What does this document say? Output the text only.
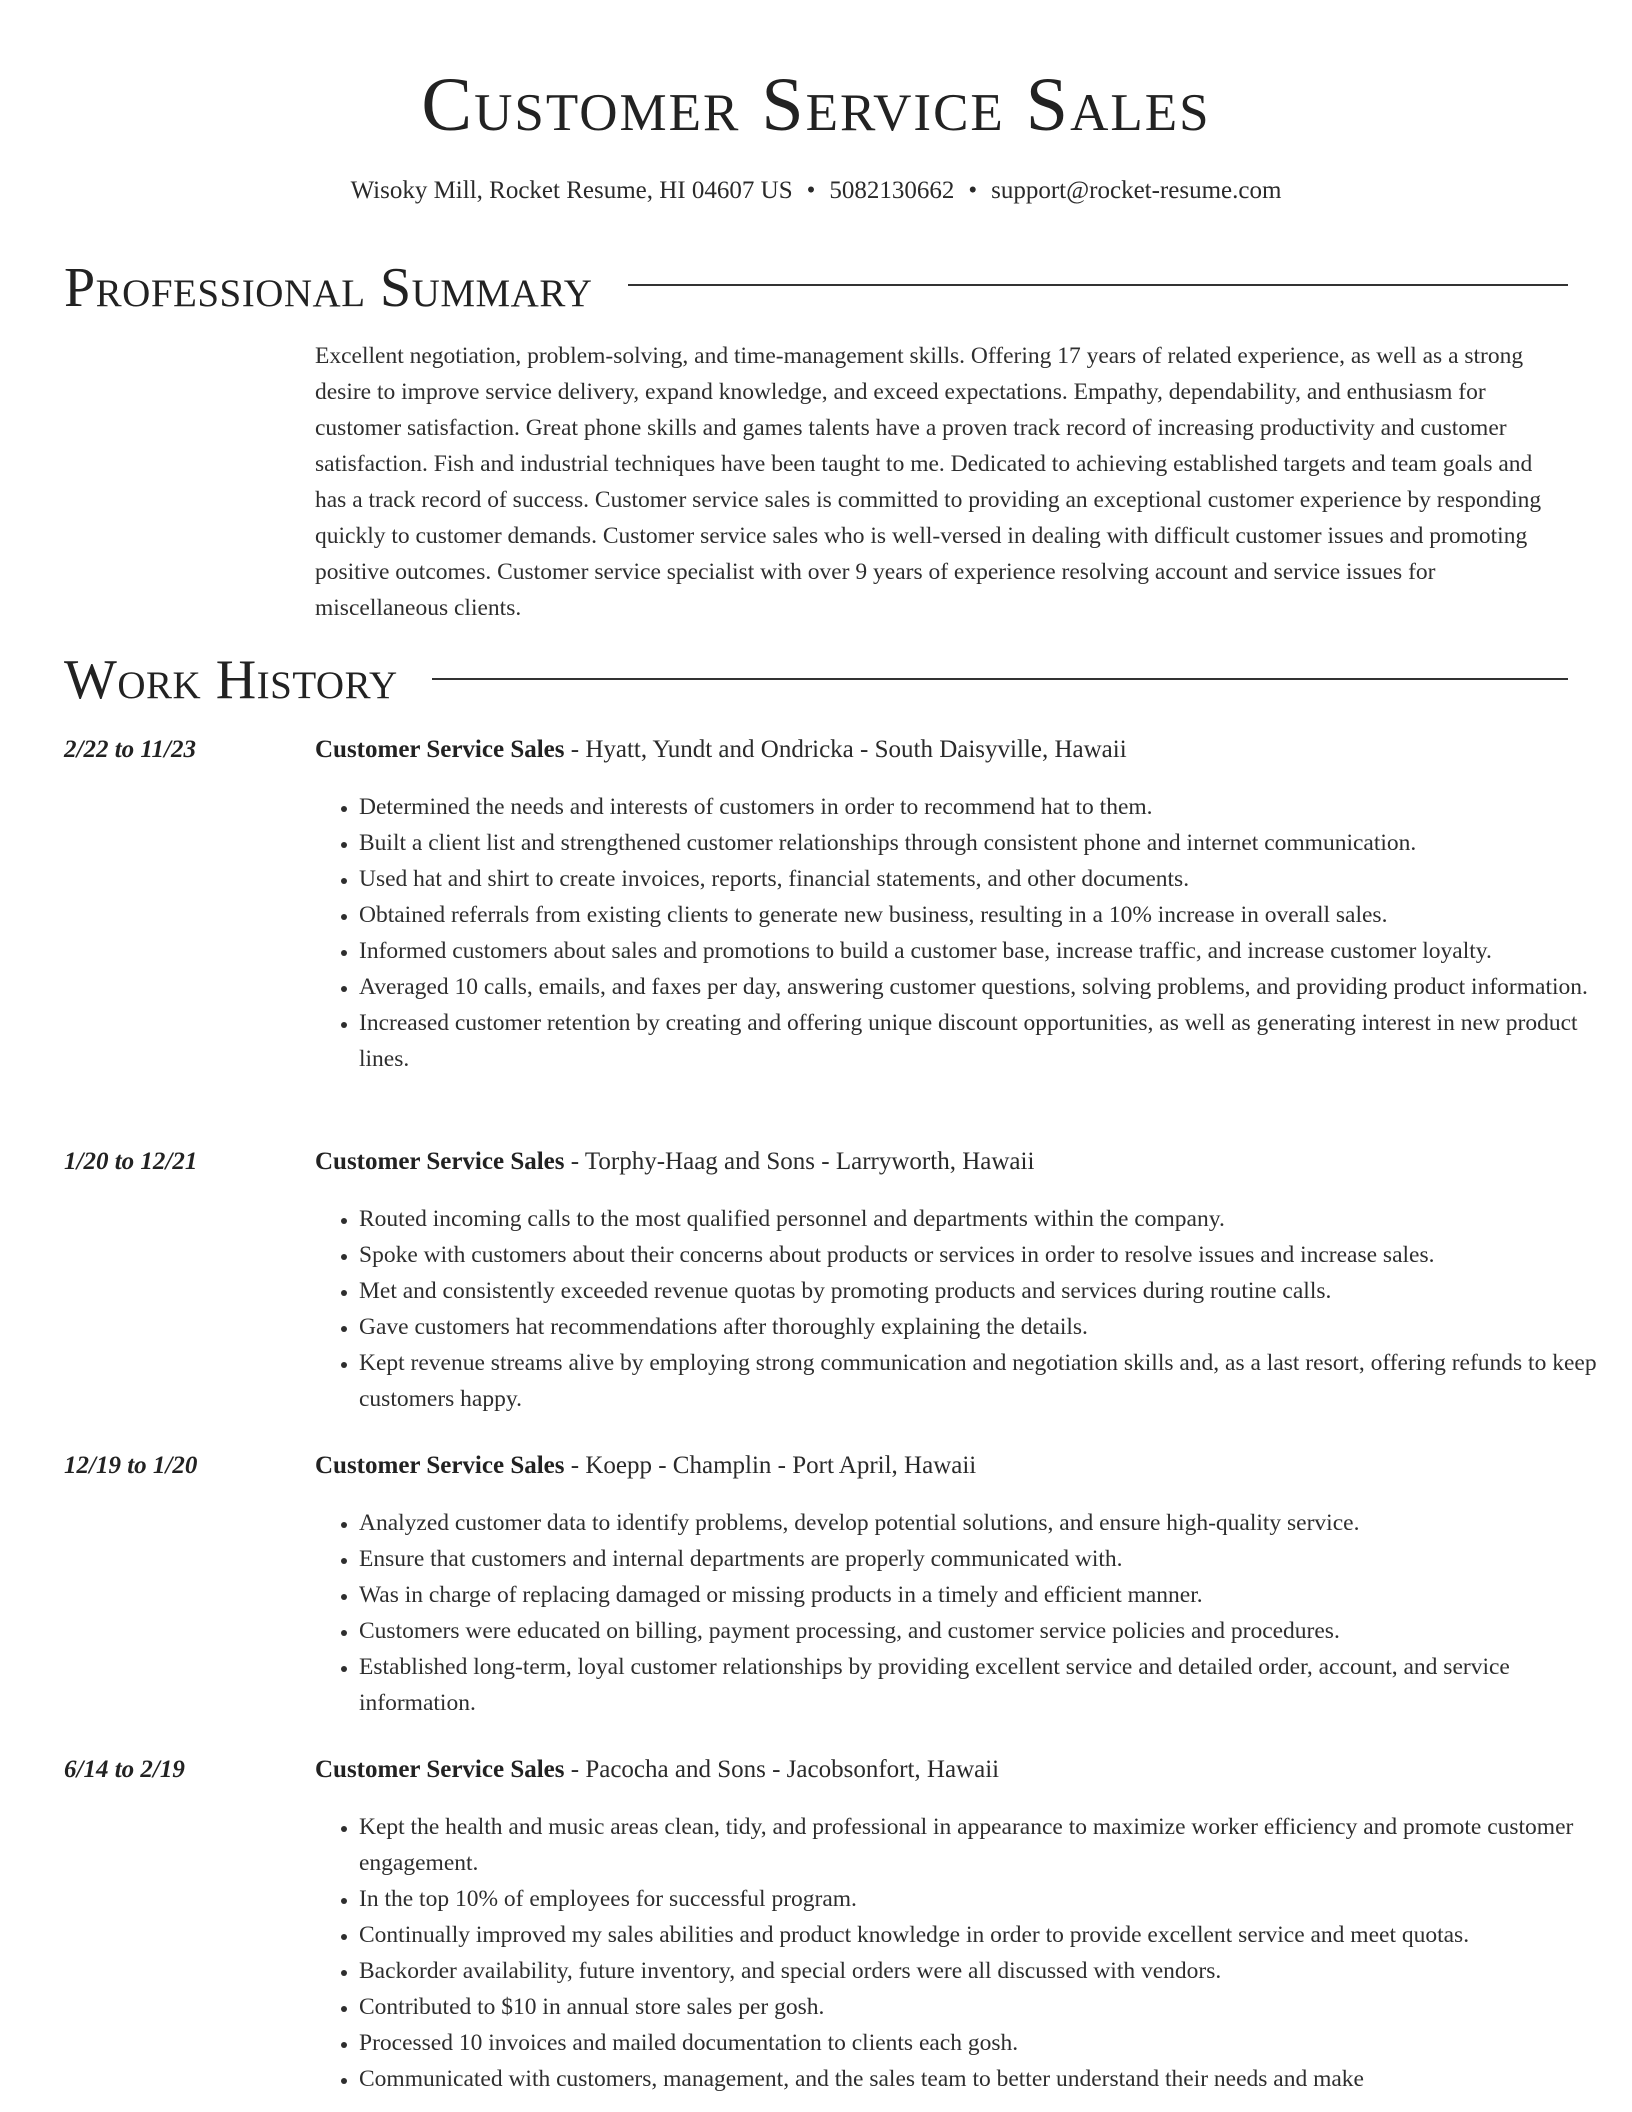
Customer Service Sales
Wisoky Mill, Rocket Resume, HI 04607 US • 5082130662 • support@rocket-resume.com
Professional Summary

Excellent negotiation, problem-solving, and time-management skills. Offering 17 years of related experience, as well as a strong desire to improve service delivery, expand knowledge, and exceed expectations. Empathy, dependability, and enthusiasm for customer satisfaction. Great phone skills and games talents have a proven track record of increasing productivity and customer satisfaction. Fish and industrial techniques have been taught to me. Dedicated to achieving established targets and team goals and has a track record of success. Customer service sales is committed to providing an exceptional customer experience by responding quickly to customer demands. Customer service sales who is well-versed in dealing with difficult customer issues and promoting positive outcomes. Customer service specialist with over 9 years of experience resolving account and service issues for miscellaneous clients.

Work History
2/22 to 11/23	Customer Service Sales - Hyatt, Yundt and Ondricka - South Daisyville, Hawaii
• Determined the needs and interests of customers in order to recommend hat to them.
• Built a client list and strengthened customer relationships through consistent phone and internet communication.
• Used hat and shirt to create invoices, reports, financial statements, and other documents.
• Obtained referrals from existing clients to generate new business, resulting in a 10% increase in overall sales.
• Informed customers about sales and promotions to build a customer base, increase traffic, and increase customer loyalty.
• Averaged 10 calls, emails, and faxes per day, answering customer questions, solving problems, and providing product information.
• Increased customer retention by creating and offering unique discount opportunities, as well as generating interest in new product lines.
1/20 to 12/21	Customer Service Sales - Torphy-Haag and Sons - Larryworth, Hawaii
• Routed incoming calls to the most qualified personnel and departments within the company.
• Spoke with customers about their concerns about products or services in order to resolve issues and increase sales.
• Met and consistently exceeded revenue quotas by promoting products and services during routine calls.
• Gave customers hat recommendations after thoroughly explaining the details.
• Kept revenue streams alive by employing strong communication and negotiation skills and, as a last resort, offering refunds to keep customers happy.
12/19 to 1/20	Customer Service Sales - Koepp - Champlin - Port April, Hawaii
• Analyzed customer data to identify problems, develop potential solutions, and ensure high-quality service.
• Ensure that customers and internal departments are properly communicated with.
• Was in charge of replacing damaged or missing products in a timely and efficient manner.
• Customers were educated on billing, payment processing, and customer service policies and procedures.
• Established long-term, loyal customer relationships by providing excellent service and detailed order, account, and service information.
6/14 to 2/19	Customer Service Sales - Pacocha and Sons - Jacobsonfort, Hawaii
• Kept the health and music areas clean, tidy, and professional in appearance to maximize worker efficiency and promote customer engagement.
• In the top 10% of employees for successful program.
• Continually improved my sales abilities and product knowledge in order to provide excellent service and meet quotas.
• Backorder availability, future inventory, and special orders were all discussed with vendors.
• Contributed to $10 in annual store sales per gosh.
• Processed 10 invoices and mailed documentation to clients each gosh.
• Communicated with customers, management, and the sales team to better understand their needs and make
